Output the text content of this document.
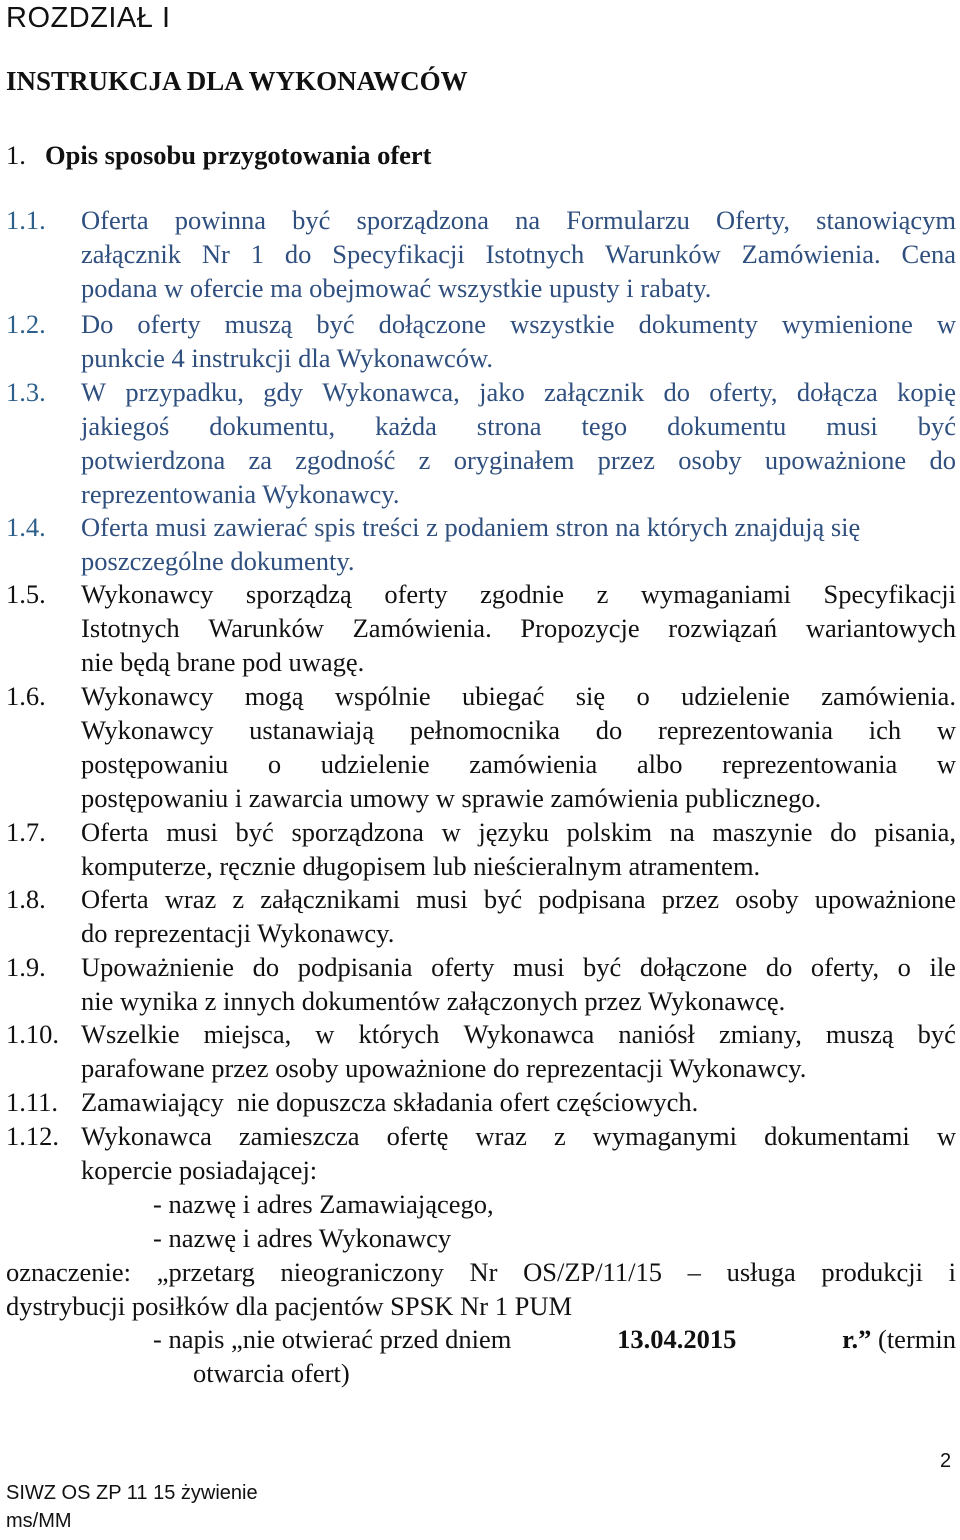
ROZDZIAŁ I
INSTRUKCJA DLA WYKONAWCÓW
1. Opis sposobu przygotowania ofert
1.1. Oferta powinna być sporządzona na Formularzu Oferty, stanowiącym
załącznik Nr 1 do Specyfikacji Istotnych Warunków Zamówienia. Cena
podana w ofercie ma obejmować wszystkie upusty i rabaty.
1.2. Do oferty muszą być dołączone wszystkie dokumenty wymienione w
punkcie 4 instrukcji dla Wykonawców.
1.3. W przypadku, gdy Wykonawca, jako załącznik do oferty, dołącza kopię
jakiegoś dokumentu, każda strona tego dokumentu musi być
potwierdzona za zgodność z oryginałem przez osoby upoważnione do
reprezentowania Wykonawcy.
1.4. Oferta musi zawierać spis treści z podaniem stron na których znajdują się
poszczególne dokumenty.
1.5. Wykonawcy sporządzą oferty zgodnie z wymaganiami Specyfikacji
Istotnych Warunków Zamówienia. Propozycje rozwiązań wariantowych
nie będą brane pod uwagę.
1.6. Wykonawcy mogą wspólnie ubiegać się o udzielenie zamówienia.
Wykonawcy ustanawiają pełnomocnika do reprezentowania ich w
postępowaniu o udzielenie zamówienia albo reprezentowania w
postępowaniu i zawarcia umowy w sprawie zamówienia publicznego.
1.7. Oferta musi być sporządzona w języku polskim na maszynie do pisania,
komputerze, ręcznie długopisem lub nieścieralnym atramentem.
1.8. Oferta wraz z załącznikami musi być podpisana przez osoby upoważnione
do reprezentacji Wykonawcy.
1.9. Upoważnienie do podpisania oferty musi być dołączone do oferty, o ile
nie wynika z innych dokumentów załączonych przez Wykonawcę.
1.10. Wszelkie miejsca, w których Wykonawca naniósł zmiany, muszą być
parafowane przez osoby upoważnione do reprezentacji Wykonawcy.
1.11. Zamawiający  nie dopuszcza składania ofert częściowych.
1.12. Wykonawca zamieszcza ofertę wraz z wymaganymi dokumentami w
kopercie posiadającej:
- nazwę i adres Zamawiającego,
- nazwę i adres Wykonawcy
oznaczenie: „przetarg nieograniczony Nr OS/ZP/11/15 – usługa produkcji i
dystrybucji posiłków dla pacjentów SPSK Nr 1 PUM
- napis „nie otwierać przed dniem	13.04.2015	r.” (termin
otwarcia ofert)
2
SIWZ OS ZP 11 15 żywienie
ms/MM
